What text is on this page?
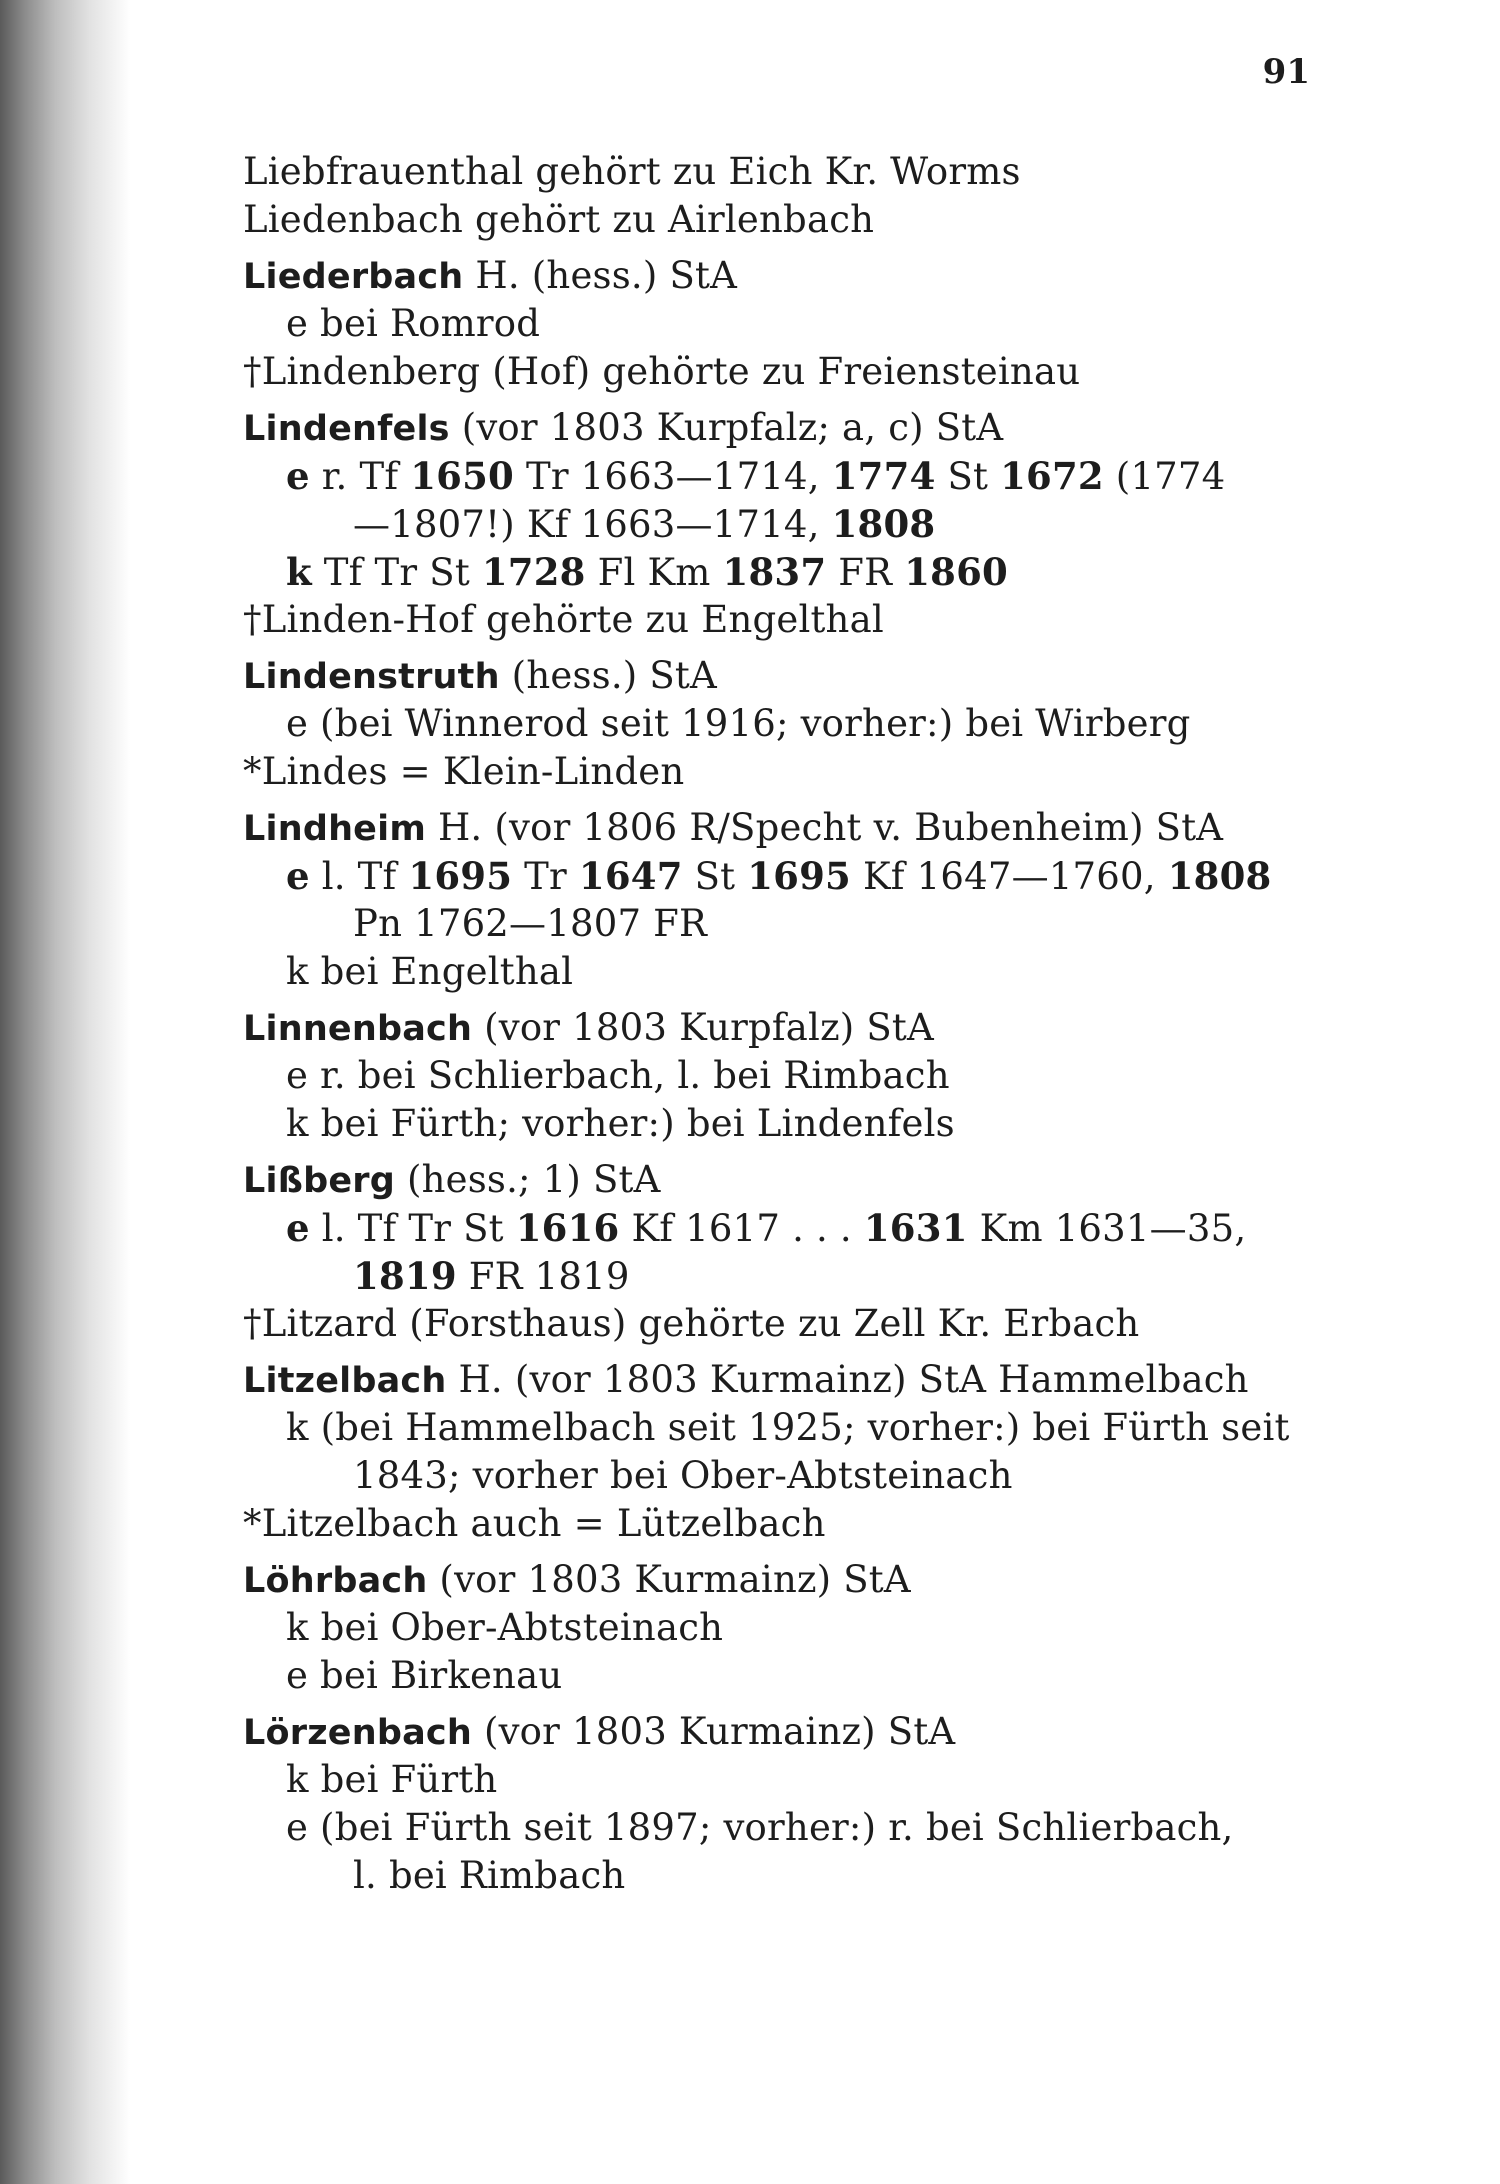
91
Liebfrauenthal gehört zu Eich Kr. Worms
Liedenbach gehört zu Airlenbach
Liederbach H. (hess.) StA
e bei Romrod
†Lindenberg (Hof) gehörte zu Freiensteinau
Lindenfels (vor 1803 Kurpfalz; a, c) StA
e r. Tf 1650 Tr 1663—1714, 1774 St 1672 (1774
—1807!) Kf 1663—1714, 1808
k Tf Tr St 1728 Fl Km 1837 FR 1860
†Linden-Hof gehörte zu Engelthal
Lindenstruth (hess.) StA
e (bei Winnerod seit 1916; vorher:) bei Wirberg
*Lindes = Klein-Linden
Lindheim H. (vor 1806 R/Specht v. Bubenheim) StA
e l. Tf 1695 Tr 1647 St 1695 Kf 1647—1760, 1808
Pn 1762—1807 FR
k bei Engelthal
Linnenbach (vor 1803 Kurpfalz) StA
e r. bei Schlierbach, l. bei Rimbach
k bei Fürth; vorher:) bei Lindenfels
Lißberg (hess.; 1) StA
e l. Tf Tr St 1616 Kf 1617 . . . 1631 Km 1631—35,
1819 FR 1819
†Litzard (Forsthaus) gehörte zu Zell Kr. Erbach
Litzelbach H. (vor 1803 Kurmainz) StA Hammelbach
k (bei Hammelbach seit 1925; vorher:) bei Fürth seit
1843; vorher bei Ober-Abtsteinach
*Litzelbach auch = Lützelbach
Löhrbach (vor 1803 Kurmainz) StA
k bei Ober-Abtsteinach
e bei Birkenau
Lörzenbach (vor 1803 Kurmainz) StA
k bei Fürth
e (bei Fürth seit 1897; vorher:) r. bei Schlierbach,
l. bei Rimbach
